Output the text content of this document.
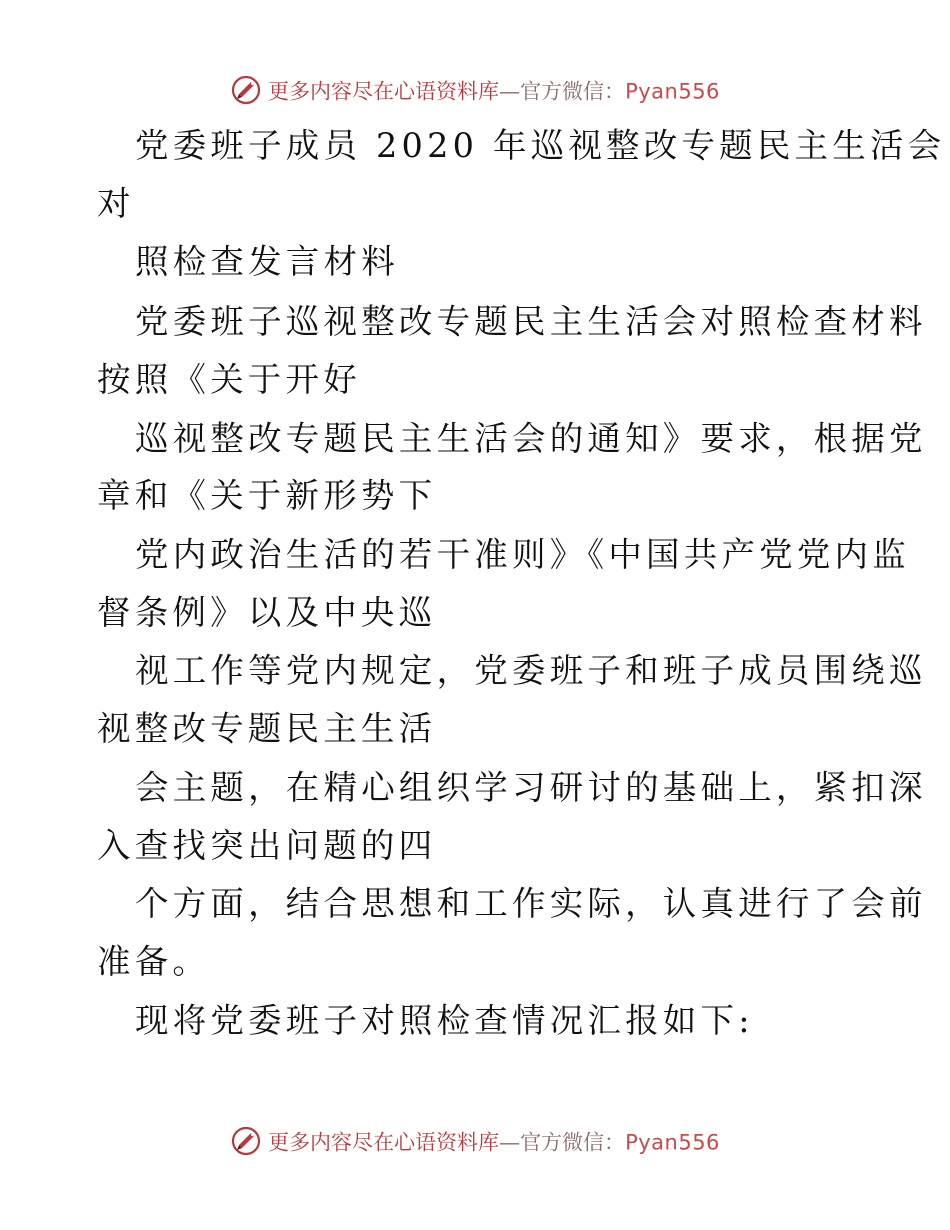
更多内容尽在心语资料库—官方微信：Pyan556
党委班子成员 2020 年巡视整改专题民主生活会
对
照检查发言材料
党委班子巡视整改专题民主生活会对照检查材料
按照《关于开好
巡视整改专题民主生活会的通知》要求，根据党
章和《关于新形势下
党内政治生活的若干准则》《中国共产党党内监
督条例》以及中央巡
视工作等党内规定，党委班子和班子成员围绕巡
视整改专题民主生活
会主题，在精心组织学习研讨的基础上，紧扣深
入查找突出问题的四
个方面，结合思想和工作实际，认真进行了会前
准备。
现将党委班子对照检查情况汇报如下:
更多内容尽在心语资料库—官方微信：Pyan556
